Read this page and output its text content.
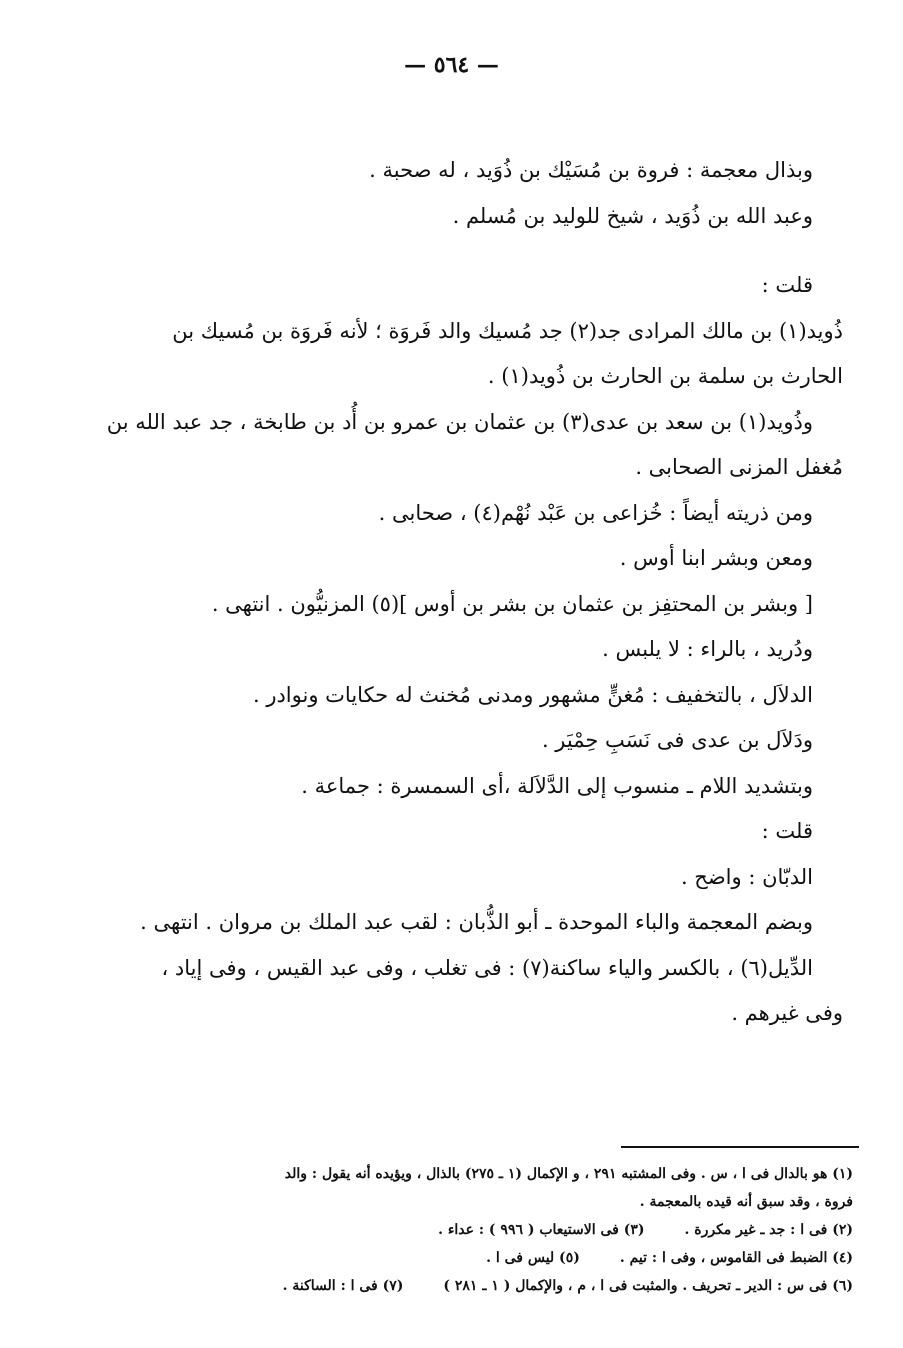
— ٥٦٤ —
وبذال معجمة : فروة بن مُسَيْك بن ذُوَيد ، له صحبة .
وعبد الله بن ذُوَيد ، شيخ للوليد بن مُسلم .
قلت :
ذُويد(١) بن مالك المرادى جد(٢) جد مُسيك والد فَروَة ؛ لأنه فَروَة بن مُسيك بن
الحارث بن سلمة بن الحارث بن ذُويد(١) .
وذُويد(١) بن سعد بن عدى(٣) بن عثمان بن عمرو بن أُد بن طابخة ، جد عبد الله بن
مُغفل المزنى الصحابى .
ومن ذريته أيضاً : خُزاعى بن عَبْد نُهْم(٤) ، صحابى .
ومعن وبشر ابنا أوس .
[ وبشر بن المحتفِز بن عثمان بن بشر بن أوس ](٥) المزنيُّون . انتهى .
ودُريد ، بالراء : لا يلبس .
الدلاَل ، بالتخفيف : مُغنٍّ مشهور ومدنى مُخنث له حكايات ونوادر .
ودَلاَل بن عدى فى نَسَبِ حِمْيَر .
وبتشديد اللام ـ منسوب إلى الدَّلاَلة ،أى السمسرة : جماعة .
قلت :
الدبّان : واضح .
وبضم المعجمة والباء الموحدة ـ أبو الذُّبان : لقب عبد الملك بن مروان . انتهى .
الدِّيل(٦) ، بالكسر والياء ساكنة(٧) : فى تغلب ، وفى عبد القيس ، وفى إياد ،
وفى غيرهم .
(١) هو بالدال فى ا ، س . وفى المشتبه ٢٩١ ، و الإكمال (١ ـ ٢٧٥) بالذال ، ويؤيده أنه يقول : والد
فروة ، وقد سبق أنه قيده بالمعجمة .
(٢) فى ا : جد ـ غير مكررة .
(٣) فى الاستيعاب ( ٩٩٦ ) : عداء .
(٤) الضبط فى القاموس ، وفى ا : تيم .
(٥) ليس فى ا .
(٦) فى س : الدير ـ تحريف . والمثبت فى ا ، م ، والإكمال ( ١ ـ ٢٨١ )
(٧) فى ا : الساكنة .
